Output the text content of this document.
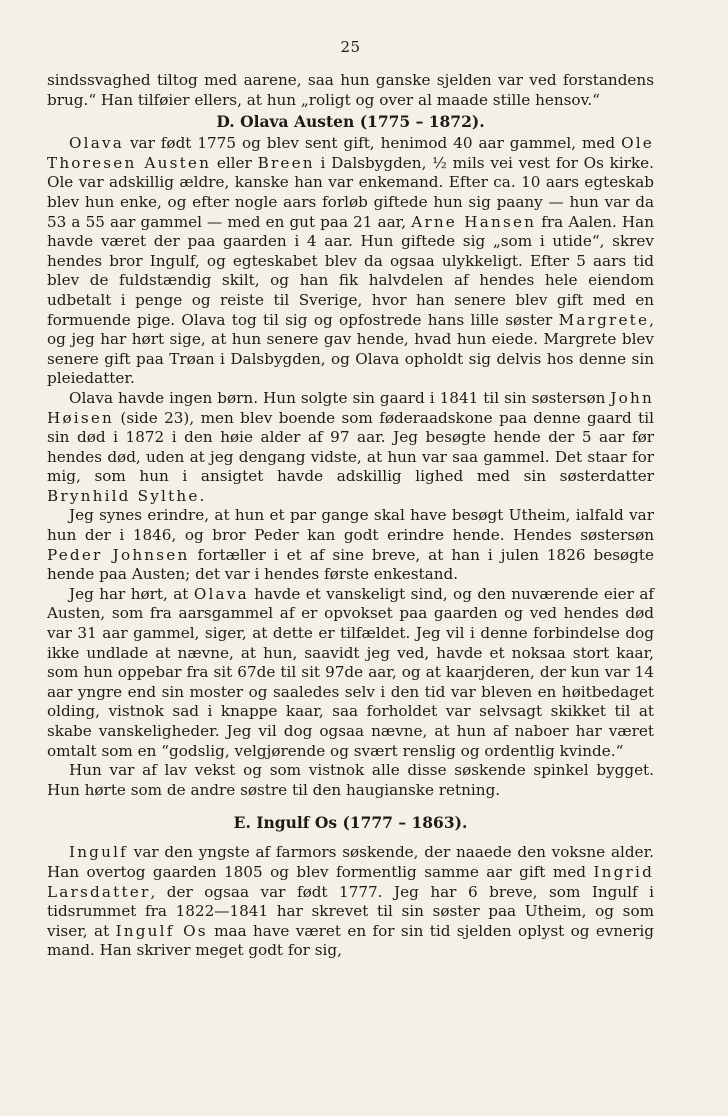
25

sindssvaghed tiltog med aarene, saa hun ganske sjelden var ved forstandens brug.“ Han tilføier ellers, at hun „roligt og over al maade stille hensov.“

D. Olava Austen (1775 – 1872).

Olava var født 1775 og blev sent gift, henimod 40 aar gammel, med Ole Thoresen Austen eller Breen i Dalsbygden, ½ mils vei vest for Os kirke. Ole var adskillig ældre, kanske han var enkemand. Efter ca. 10 aars egteskab blev hun enke, og efter nogle aars forløb giftede hun sig paany — hun var da 53 a 55 aar gammel — med en gut paa 21 aar, Arne Hansen fra Aalen. Han havde været der paa gaarden i 4 aar. Hun giftede sig „som i utide“, skrev hendes bror Ingulf, og egteskabet blev da ogsaa ulykkeligt. Efter 5 aars tid blev de fuldstændig skilt, og han fik halvdelen af hendes hele eiendom udbetalt i penge og reiste til Sverige, hvor han senere blev gift med en formuende pige. Olava tog til sig og opfostrede hans lille søster Margrete, og jeg har hørt sige, at hun senere gav hende, hvad hun eiede. Margrete blev senere gift paa Trøan i Dalsbygden, og Olava opholdt sig delvis hos denne sin pleiedatter.

Olava havde ingen børn. Hun solgte sin gaard i 1841 til sin søstersøn John Høisen (side 23), men blev boende som føderaadskone paa denne gaard til sin død i 1872 i den høie alder af 97 aar. Jeg besøgte hende der 5 aar før hendes død, uden at jeg dengang vidste, at hun var saa gammel. Det staar for mig, som hun i ansigtet havde adskillig lighed med sin søsterdatter Brynhild Sylthe.

Jeg synes erindre, at hun et par gange skal have besøgt Utheim, ialfald var hun der i 1846, og bror Peder kan godt erindre hende. Hendes søstersøn Peder Johnsen fortæller i et af sine breve, at han i julen 1826 besøgte hende paa Austen; det var i hendes første enkestand.

Jeg har hørt, at Olava havde et vanskeligt sind, og den nuværende eier af Austen, som fra aarsgammel af er opvokset paa gaarden og ved hendes død var 31 aar gammel, siger, at dette er tilfældet. Jeg vil i denne forbindelse dog ikke undlade at nævne, at hun, saavidt jeg ved, havde et noksaa stort kaar, som hun oppebar fra sit 67de til sit 97de aar, og at kaarjderen, der kun var 14 aar yngre end sin moster og saaledes selv i den tid var bleven en høitbedaget olding, vistnok sad i knappe kaar, saa forholdet var selvsagt skikket til at skabe vanskeligheder. Jeg vil dog ogsaa nævne, at hun af naboer har været omtalt som en “godslig, velgjørende og svært renslig og ordentlig kvinde.“

Hun var af lav vekst og som vistnok alle disse søskende spinkel bygget. Hun hørte som de andre søstre til den haugianske retning.

E. Ingulf Os (1777 – 1863).

Ingulf var den yngste af farmors søskende, der naaede den voksne alder. Han overtog gaarden 1805 og blev formentlig samme aar gift med Ingrid Larsdatter, der ogsaa var født 1777. Jeg har 6 breve, som Ingulf i tidsrummet fra 1822—1841 har skrevet til sin søster paa Utheim, og som viser, at Ingulf Os maa have været en for sin tid sjelden oplyst og evnerig mand. Han skriver meget godt for sig,
